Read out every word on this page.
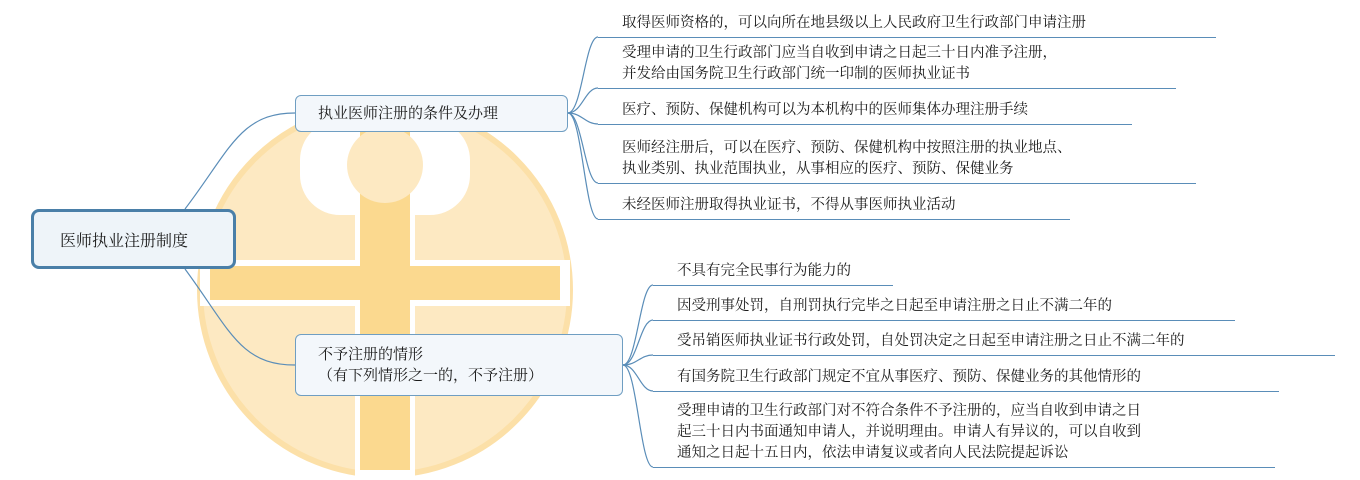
医师执业注册制度
执业医师注册的条件及办理
不予注册的情形
（有下列情形之一的，不予注册）
取得医师资格的，可以向所在地县级以上人民政府卫生行政部门申请注册
受理申请的卫生行政部门应当自收到申请之日起三十日内准予注册，
并发给由国务院卫生行政部门统一印制的医师执业证书
医疗、预防、保健机构可以为本机构中的医师集体办理注册手续
医师经注册后，可以在医疗、预防、保健机构中按照注册的执业地点、
执业类别、执业范围执业，从事相应的医疗、预防、保健业务
未经医师注册取得执业证书，不得从事医师执业活动
不具有完全民事行为能力的
因受刑事处罚，自刑罚执行完毕之日起至申请注册之日止不满二年的
受吊销医师执业证书行政处罚，自处罚决定之日起至申请注册之日止不满二年的
有国务院卫生行政部门规定不宜从事医疗、预防、保健业务的其他情形的
受理申请的卫生行政部门对不符合条件不予注册的，应当自收到申请之日
起三十日内书面通知申请人，并说明理由。申请人有异议的，可以自收到
通知之日起十五日内，依法申请复议或者向人民法院提起诉讼
